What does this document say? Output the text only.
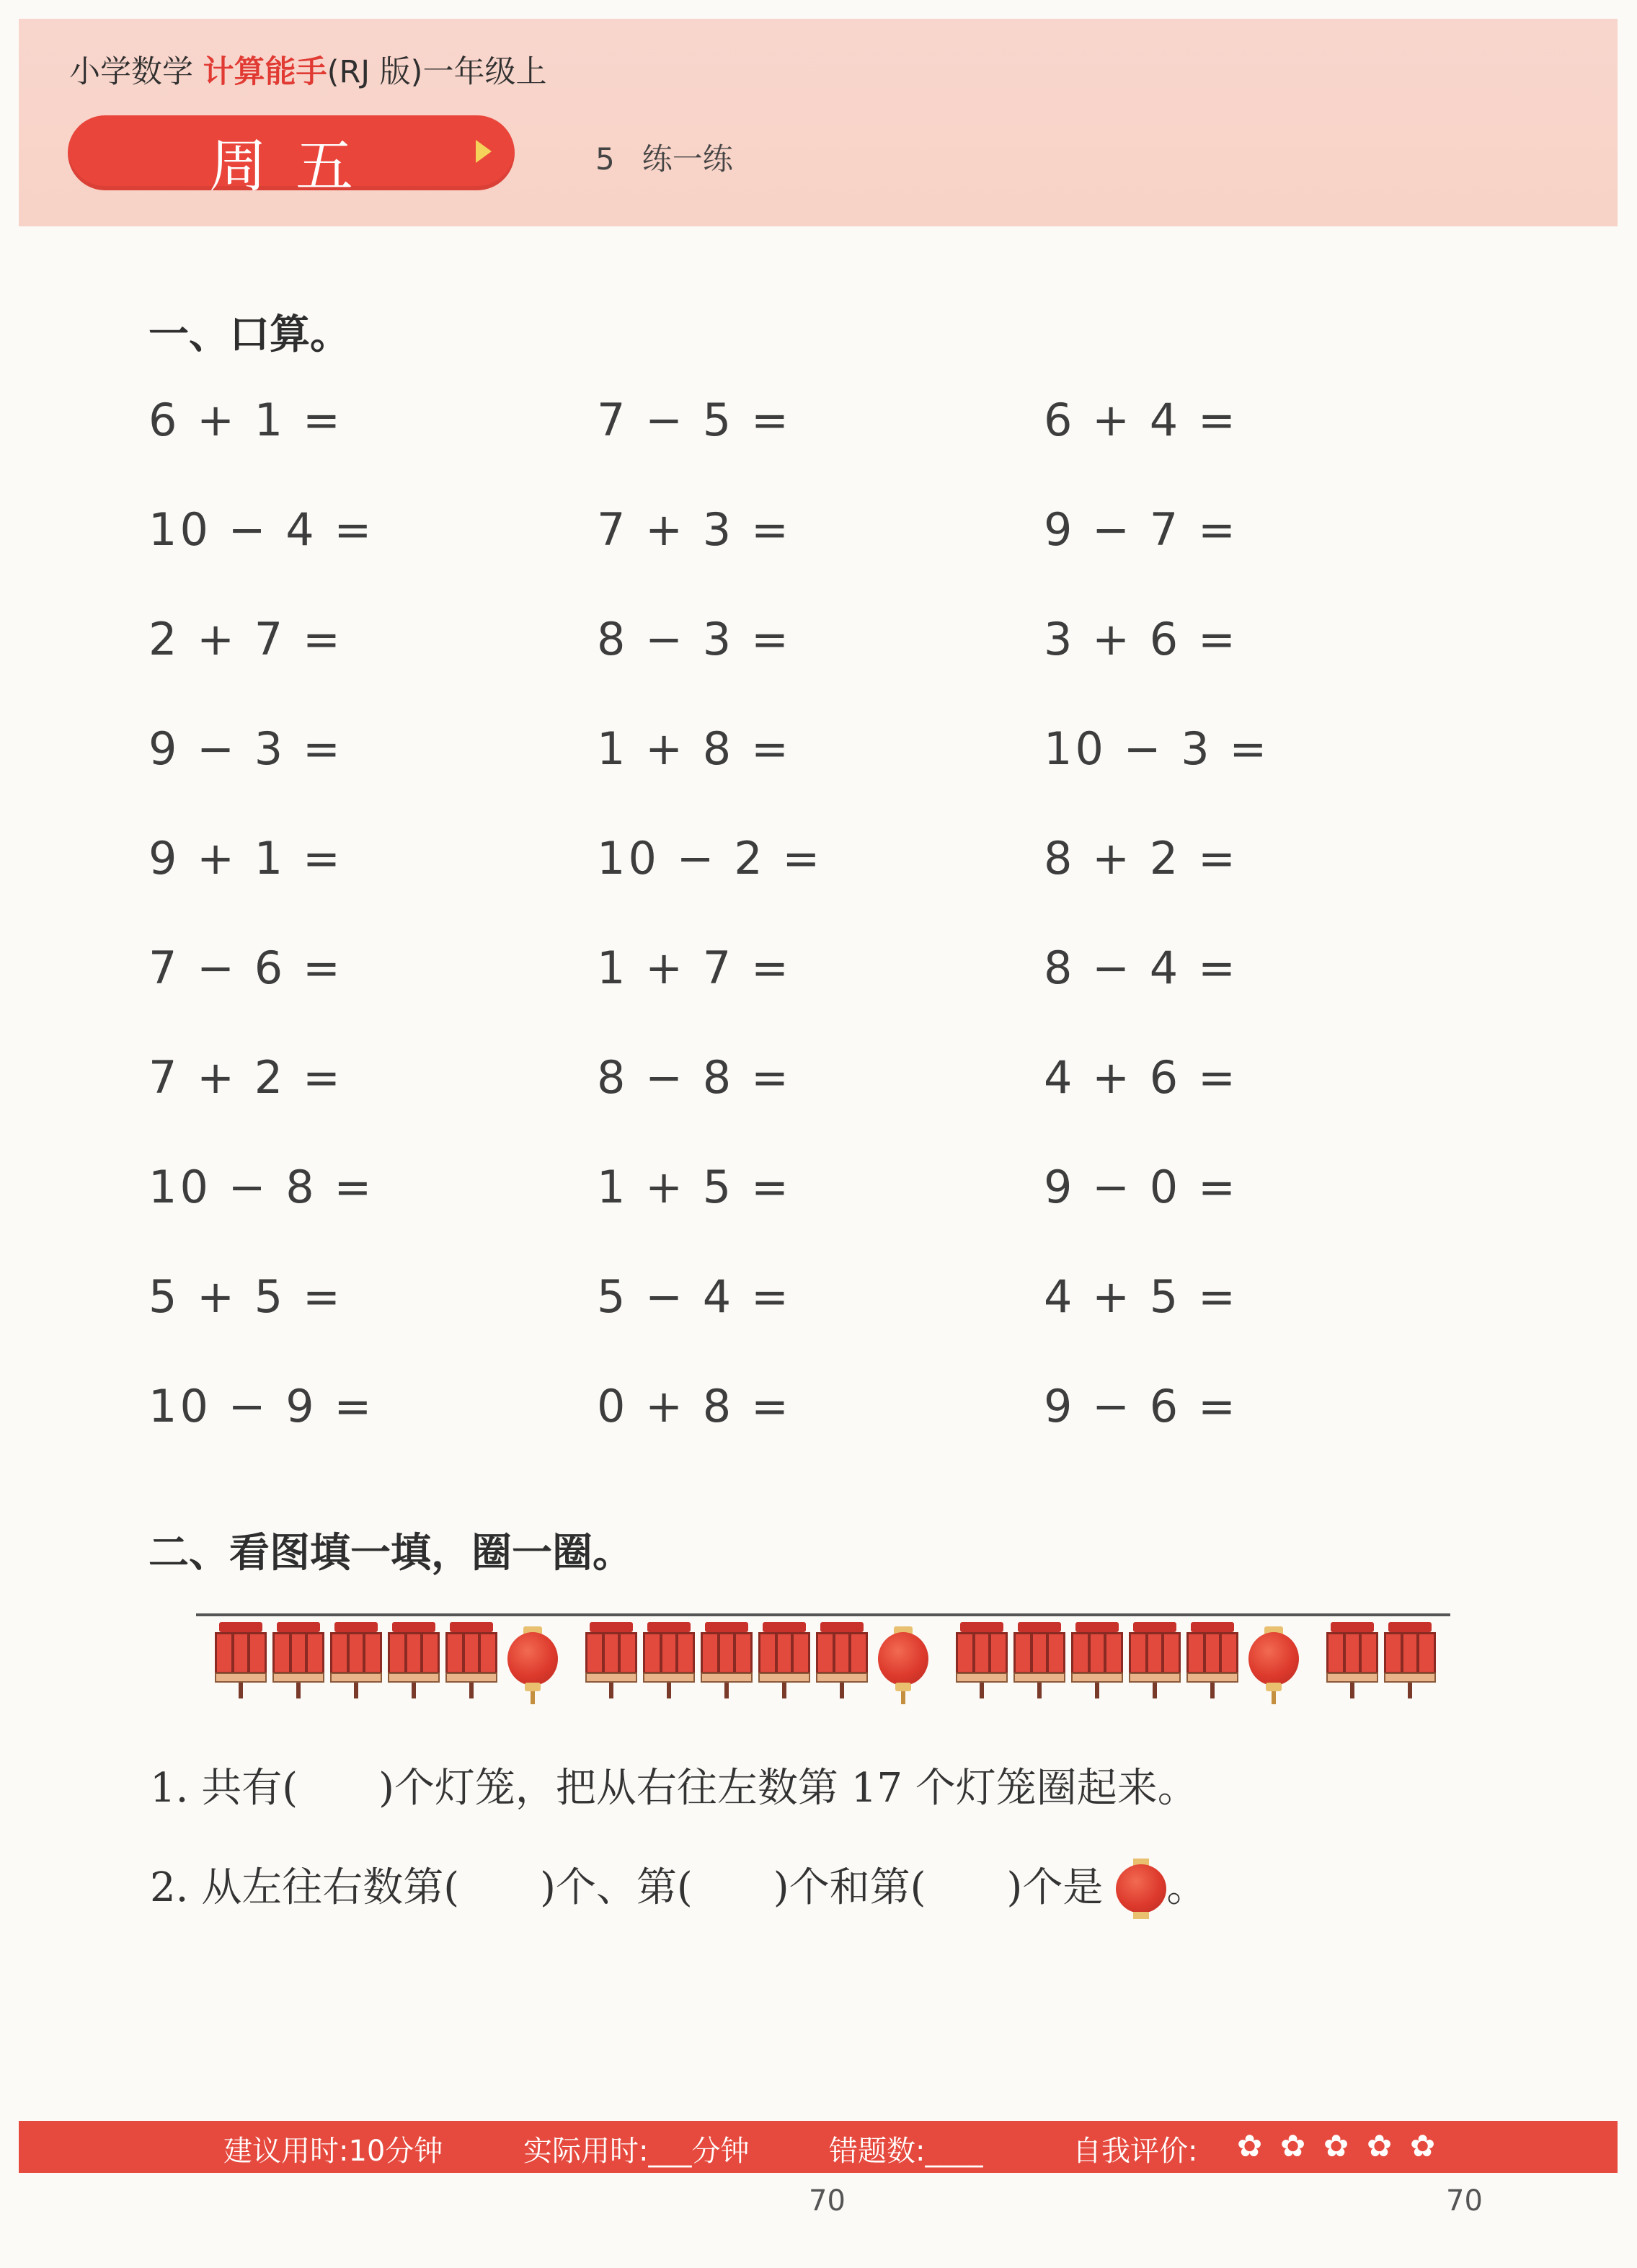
小学数学 计算能手(RJ 版)一年级上
周五	5 练一练
一、口算。
6 + 1 =	7 − 5 =	6 + 4 =
10 − 4 =	7 + 3 =	9 − 7 =
2 + 7 =	8 − 3 =	3 + 6 =
9 − 3 =	1 + 8 =	10 − 3 =
9 + 1 =	10 − 2 =	8 + 2 =
7 − 6 =	1 + 7 =	8 − 4 =
7 + 2 =	8 − 8 =	4 + 6 =
10 − 8 =	1 + 5 =	9 − 0 =
5 + 5 =	5 − 4 =	4 + 5 =
10 − 9 =	0 + 8 =	9 − 6 =
二、看图填一填，圈一圈。
1. 共有(　　)个灯笼，把从右往左数第 17 个灯笼圈起来。
2. 从左往右数第(　　)个、第(　　)个和第(　　)个是 。
建议用时:10分钟	实际用时:___分钟	错题数:____	自我评价: ✿ ✿ ✿ ✿ ✿
70	70
